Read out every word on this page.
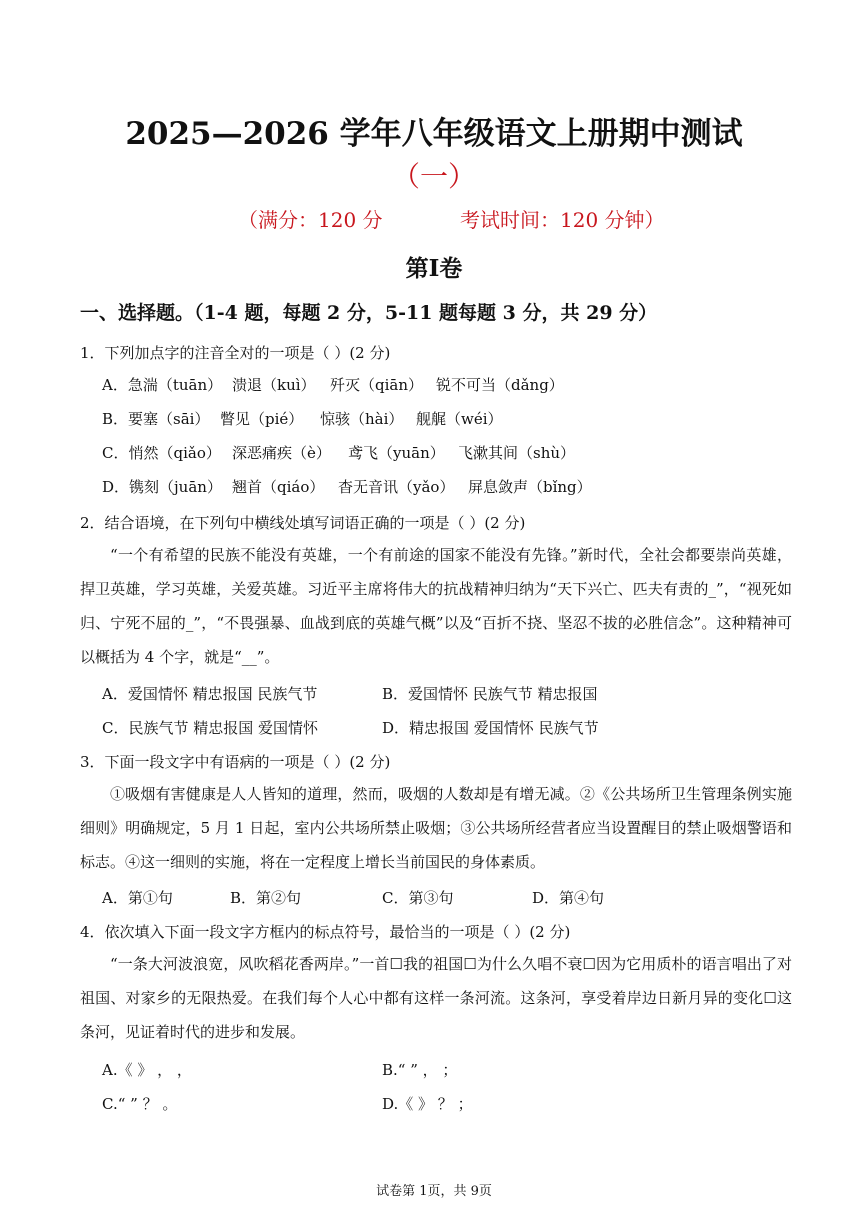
2025—2026 学年八年级语文上册期中测试
（一）
（满分：120 分	考试时间：120 分钟）
第Ⅰ卷
一、选择题。（1-4 题，每题 2 分，5-11 题每题 3 分，共 29 分）
1．下列加点字的注音全对的一项是（ ）(2 分)
A．急湍（tuān） 溃退（kuì） 歼灭（qiān） 锐不可当（dǎng）
B．要塞（sāi） 瞥见（pié） 惊骇（hài） 舰艉（wéi）
C．悄然（qiǎo） 深恶痛疾（è） 鸢飞（yuān） 飞漱其间（shù）
D．镌刻（juān） 翘首（qiáo） 杳无音讯（yǎo） 屏息敛声（bǐng）
2．结合语境，在下列句中横线处填写词语正确的一项是（ ）(2 分)
“一个有希望的民族不能没有英雄，一个有前途的国家不能没有先锋。”新时代，全社会都要崇尚英雄，捍卫英雄，学习英雄，关爱英雄。习近平主席将伟大的抗战精神归纳为“天下兴亡、匹夫有责的_”，“视死如归、宁死不屈的_”，“不畏强暴、血战到底的英雄气概”以及“百折不挠、坚忍不拔的必胜信念”。这种精神可以概括为 4 个字，就是“__”。
A．爱国情怀 精忠报国 民族气节	B．爱国情怀 民族气节 精忠报国
C．民族气节 精忠报国 爱国情怀	D．精忠报国 爱国情怀 民族气节
3．下面一段文字中有语病的一项是（ ）(2 分)
①吸烟有害健康是人人皆知的道理，然而，吸烟的人数却是有增无减。②《公共场所卫生管理条例实施细则》明确规定，5 月 1 日起，室内公共场所禁止吸烟；③公共场所经营者应当设置醒目的禁止吸烟警语和标志。④这一细则的实施，将在一定程度上增长当前国民的身体素质。
A．第①句	B．第②句	C．第③句	D．第④句
4．依次填入下面一段文字方框内的标点符号，最恰当的一项是（ ）(2 分)
“一条大河波浪宽，风吹稻花香两岸。”一首☐我的祖国☐为什么久唱不衰☐因为它用质朴的语言唱出了对祖国、对家乡的无限热爱。在我们每个人心中都有这样一条河流。这条河，享受着岸边日新月异的变化☐这条河，见证着时代的进步和发展。
A.《 》 ， ，	B.“ ” ， ；
C.“ ” ？ 。	D.《 》 ？ ；
试卷第 1页，共 9页
